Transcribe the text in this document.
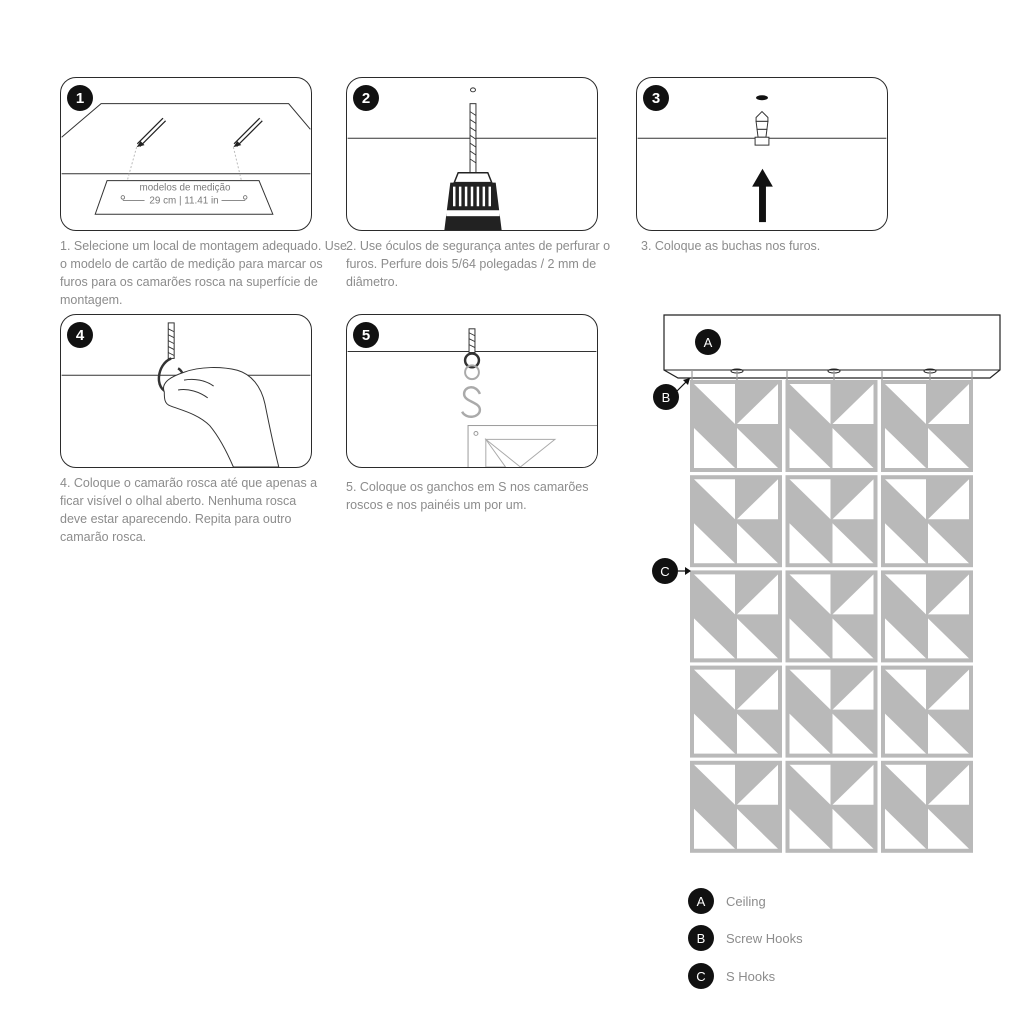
modelos de medição
29 cm | 11.41 in
1
1. Selecione um local de montagem adequado. Use o modelo de cartão de medição para marcar os furos para os camarões rosca na superfície de montagem.
2
2. Use óculos de segurança antes de perfurar o furos. Perfure dois 5/64 polegadas / 2 mm de diâmetro.
3
3. Coloque as buchas nos furos.
4
4. Coloque o camarão rosca até que apenas a ficar visível o olhal aberto. Nenhuma rosca deve estar aparecendo. Repita para outro camarão rosca.
5
5. Coloque os ganchos em S nos camarões roscos e nos painéis um por um.
A
B
C
A	Ceiling
B	Screw Hooks
C	S Hooks
